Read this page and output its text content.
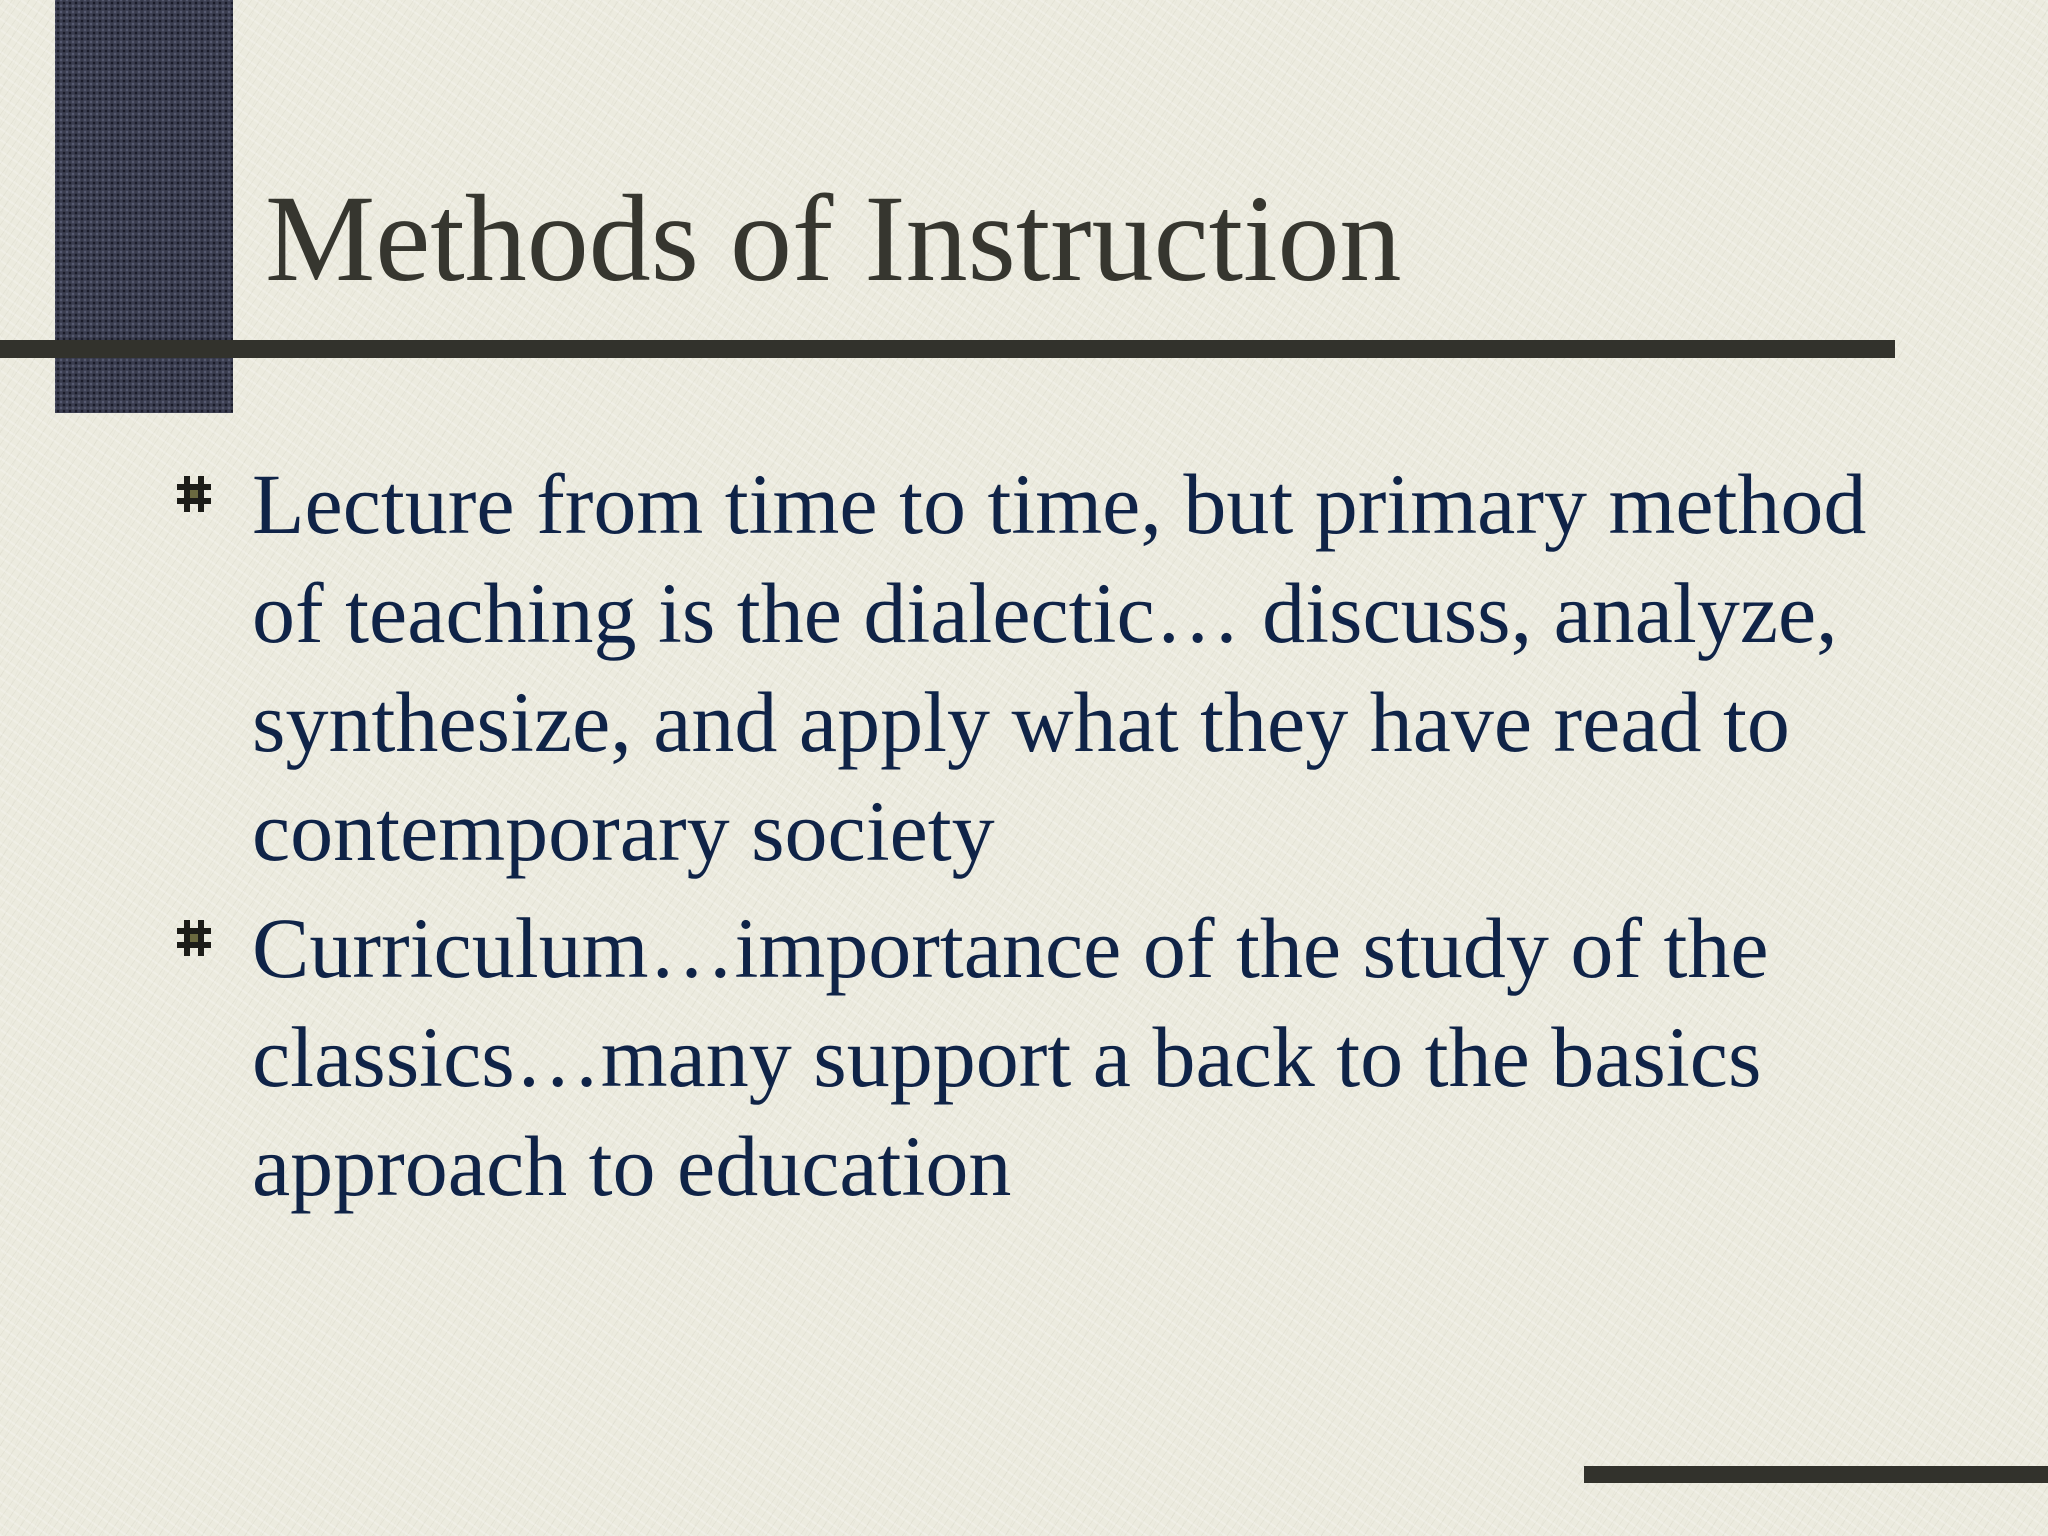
Methods of Instruction
Lecture from time to time, but primary method of teaching is the dialectic… discuss, analyze, synthesize, and apply what they have read to contemporary society
Curriculum…importance of the study of the classics…many support a back to the basics approach to education
